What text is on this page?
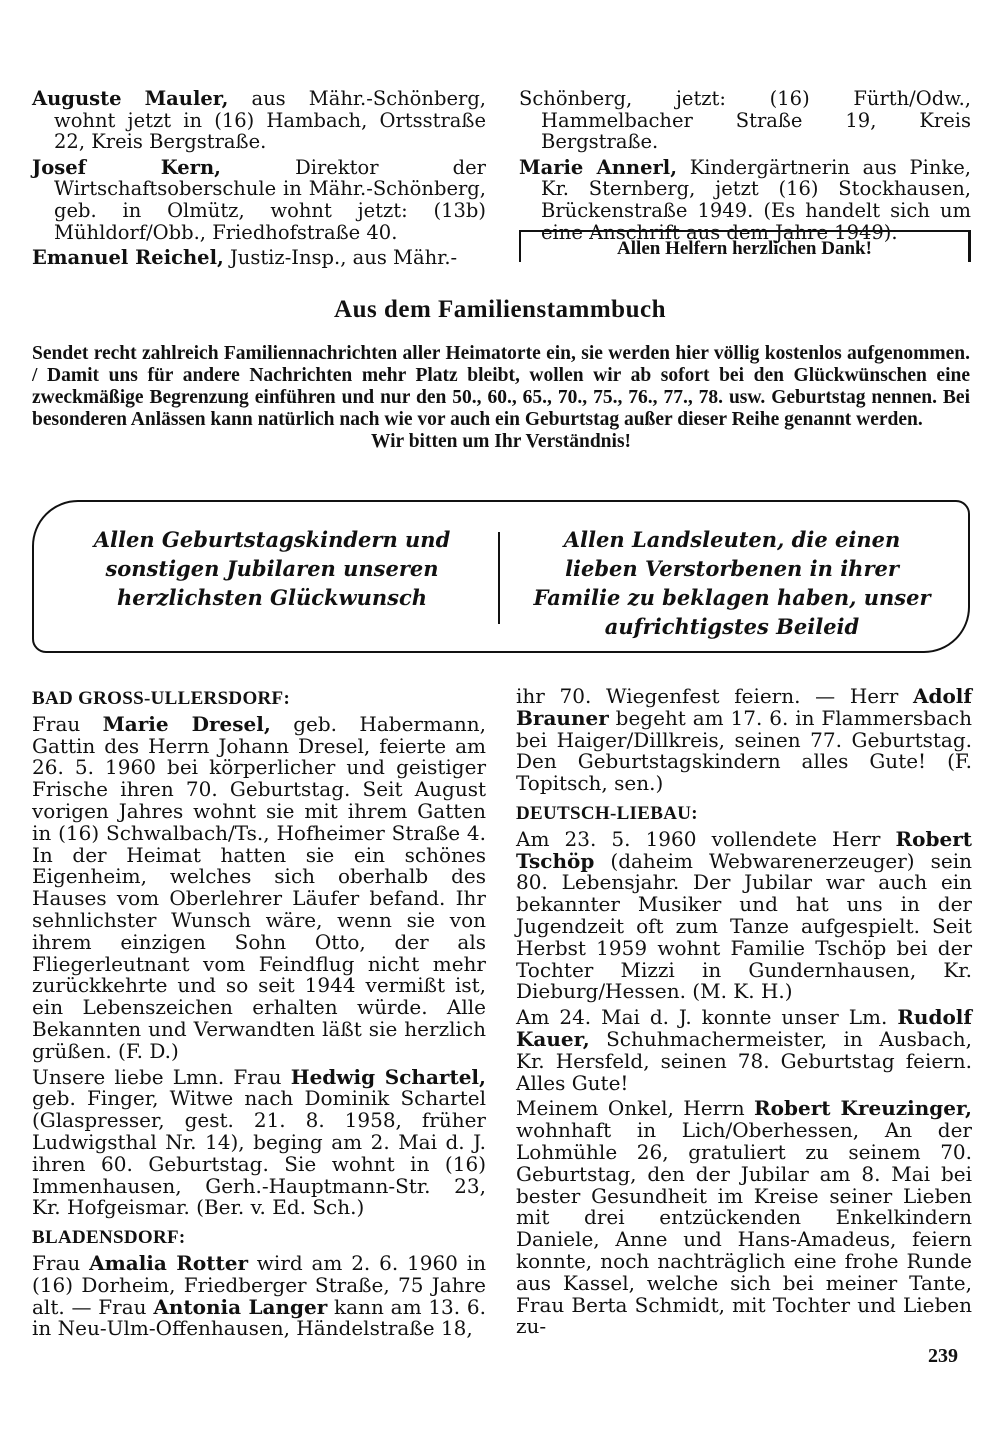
Auguste Mauler, aus Mähr.-Schönberg, wohnt jetzt in (16) Hambach, Ortsstraße 22, Kreis Bergstraße.

Josef Kern, Direktor der Wirtschaftsoberschule in Mähr.-Schönberg, geb. in Olmütz, wohnt jetzt: (13b) Mühldorf/Obb., Friedhofstraße 40.

Emanuel Reichel, Justiz-Insp., aus Mähr.-

Schönberg, jetzt: (16) Fürth/Odw., Hammelbacher Straße 19, Kreis Bergstraße.

Marie Annerl, Kindergärtnerin aus Pinke, Kr. Sternberg, jetzt (16) Stockhausen, Brückenstraße 1949. (Es handelt sich um eine Anschrift aus dem Jahre 1949).

Allen Helfern herzlichen Dank!
Aus dem Familienstammbuch
Sendet recht zahlreich Familiennachrichten aller Heimatorte ein, sie werden hier völlig kostenlos aufgenommen. / Damit uns für andere Nachrichten mehr Platz bleibt, wollen wir ab sofort bei den Glückwünschen eine zweckmäßige Begrenzung einführen und nur den 50., 60., 65., 70., 75., 76., 77., 78. usw. Geburtstag nennen. Bei besonderen Anlässen kann natürlich nach wie vor auch ein Geburtstag außer dieser Reihe genannt werden.
Wir bitten um Ihr Verständnis!
Allen Geburtstagskindern und sonstigen Jubilaren unseren herzlichsten Glückwunsch
Allen Landsleuten, die einen lieben Verstorbenen in ihrer Familie zu beklagen haben, unser aufrichtigstes Beileid

BAD GROSS-ULLERSDORF:

Frau Marie Dresel, geb. Habermann, Gattin des Herrn Johann Dresel, feierte am 26. 5. 1960 bei körperlicher und geistiger Frische ihren 70. Geburtstag. Seit August vorigen Jahres wohnt sie mit ihrem Gatten in (16) Schwalbach/Ts., Hofheimer Straße 4. In der Heimat hatten sie ein schönes Eigenheim, welches sich oberhalb des Hauses vom Oberlehrer Läufer befand. Ihr sehnlichster Wunsch wäre, wenn sie von ihrem einzigen Sohn Otto, der als Fliegerleutnant vom Feindflug nicht mehr zurückkehrte und so seit 1944 vermißt ist, ein Lebenszeichen erhalten würde. Alle Bekannten und Verwandten läßt sie herzlich grüßen. (F. D.)

Unsere liebe Lmn. Frau Hedwig Schartel, geb. Finger, Witwe nach Dominik Schartel (Glaspresser, gest. 21. 8. 1958, früher Ludwigsthal Nr. 14), beging am 2. Mai d. J. ihren 60. Geburtstag. Sie wohnt in (16) Immenhausen, Gerh.-Hauptmann-Str. 23, Kr. Hofgeismar. (Ber. v. Ed. Sch.)

BLADENSDORF:

Frau Amalia Rotter wird am 2. 6. 1960 in (16) Dorheim, Friedberger Straße, 75 Jahre alt. — Frau Antonia Langer kann am 13. 6. in Neu-Ulm-Offenhausen, Händelstraße 18,

ihr 70. Wiegenfest feiern. — Herr Adolf Brauner begeht am 17. 6. in Flammersbach bei Haiger/Dillkreis, seinen 77. Geburtstag. Den Geburtstagskindern alles Gute! (F. Topitsch, sen.)

DEUTSCH-LIEBAU:

Am 23. 5. 1960 vollendete Herr Robert Tschöp (daheim Webwarenerzeuger) sein 80. Lebensjahr. Der Jubilar war auch ein bekannter Musiker und hat uns in der Jugendzeit oft zum Tanze aufgespielt. Seit Herbst 1959 wohnt Familie Tschöp bei der Tochter Mizzi in Gundernhausen, Kr. Dieburg/Hessen. (M. K. H.)

Am 24. Mai d. J. konnte unser Lm. Rudolf Kauer, Schuhmachermeister, in Ausbach, Kr. Hersfeld, seinen 78. Geburtstag feiern. Alles Gute!

Meinem Onkel, Herrn Robert Kreuzinger, wohnhaft in Lich/Oberhessen, An der Lohmühle 26, gratuliert zu seinem 70. Geburtstag, den der Jubilar am 8. Mai bei bester Gesundheit im Kreise seiner Lieben mit drei entzückenden Enkelkindern Daniele, Anne und Hans-Amadeus, feiern konnte, noch nachträglich eine frohe Runde aus Kassel, welche sich bei meiner Tante, Frau Berta Schmidt, mit Tochter und Lieben zu-

239
